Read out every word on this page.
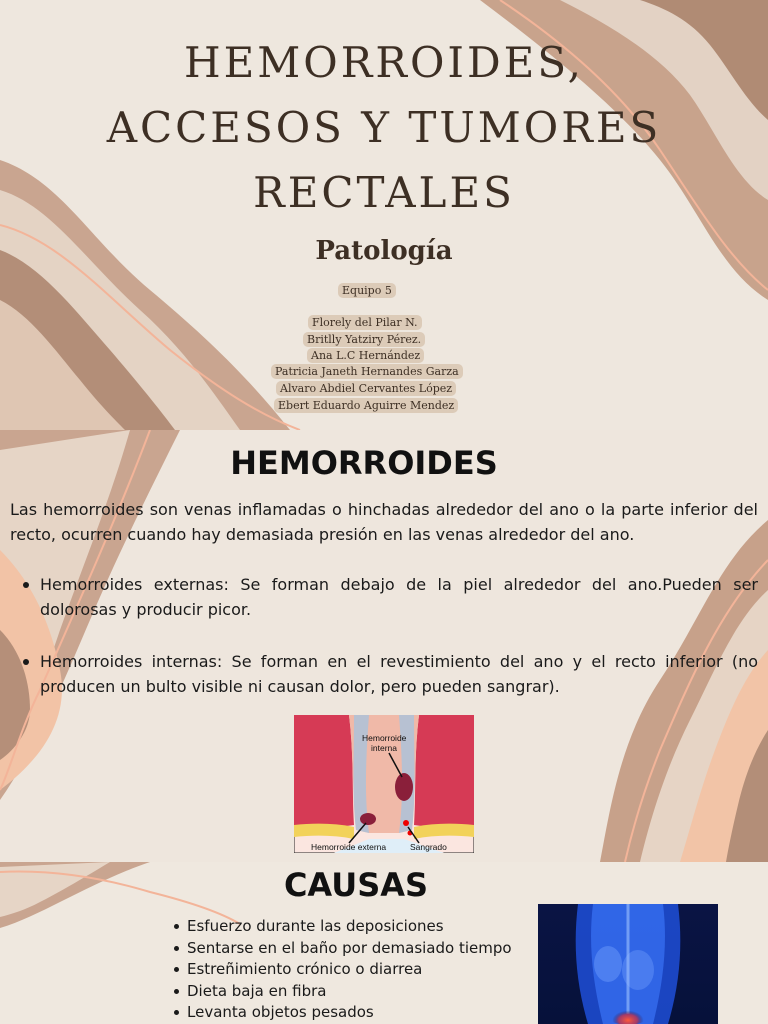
HEMORROIDES,
ACCESOS Y TUMORES
RECTALES
Patología
Equipo 5
Florely del Pilar N.
Britlly Yatziry Pérez.
Ana L.C Hernández
Patricia Janeth Hernandes Garza
Alvaro Abdiel Cervantes López
Ebert Eduardo Aguirre Mendez
HEMORROIDES

Las hemorroides son venas inflamadas o hinchadas alrededor del ano o la parte inferior del recto, ocurren cuando hay demasiada presión en las venas alrededor del ano.

Hemorroides externas: Se forman debajo de la piel alrededor del ano.Pueden ser dolorosas y producir picor.
Hemorroides internas: Se forman en el revestimiento del ano y el recto inferior (no producen un bulto visible ni causan dolor, pero pueden sangrar).
Hemorroide
interna
Hemorroide externa	Sangrado
CAUSAS
Esfuerzo durante las deposiciones
Sentarse en el baño por demasiado tiempo
Estreñimiento crónico o diarrea
Dieta baja en fibra
Levanta objetos pesados
